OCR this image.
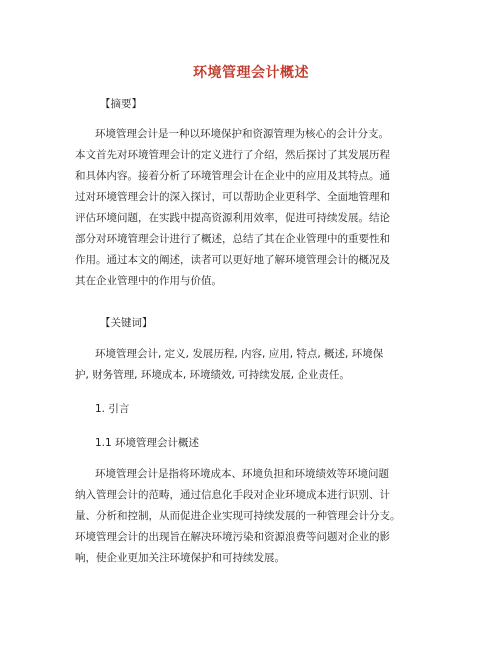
环境管理会计概述
【摘要】
环境管理会计是一种以环境保护和资源管理为核心的会计分支。
本文首先对环境管理会计的定义进行了介绍，然后探讨了其发展历程
和具体内容。接着分析了环境管理会计在企业中的应用及其特点。通
过对环境管理会计的深入探讨，可以帮助企业更科学、全面地管理和
评估环境问题，在实践中提高资源利用效率，促进可持续发展。结论
部分对环境管理会计进行了概述，总结了其在企业管理中的重要性和
作用。通过本文的阐述，读者可以更好地了解环境管理会计的概况及
其在企业管理中的作用与价值。
【关键词】
环境管理会计, 定义, 发展历程, 内容, 应用, 特点, 概述, 环境保
护, 财务管理, 环境成本, 环境绩效, 可持续发展, 企业责任。
1. 引言
1.1 环境管理会计概述
环境管理会计是指将环境成本、环境负担和环境绩效等环境问题
纳入管理会计的范畴，通过信息化手段对企业环境成本进行识别、计
量、分析和控制，从而促进企业实现可持续发展的一种管理会计分支。
环境管理会计的出现旨在解决环境污染和资源浪费等问题对企业的影
响，使企业更加关注环境保护和可持续发展。
